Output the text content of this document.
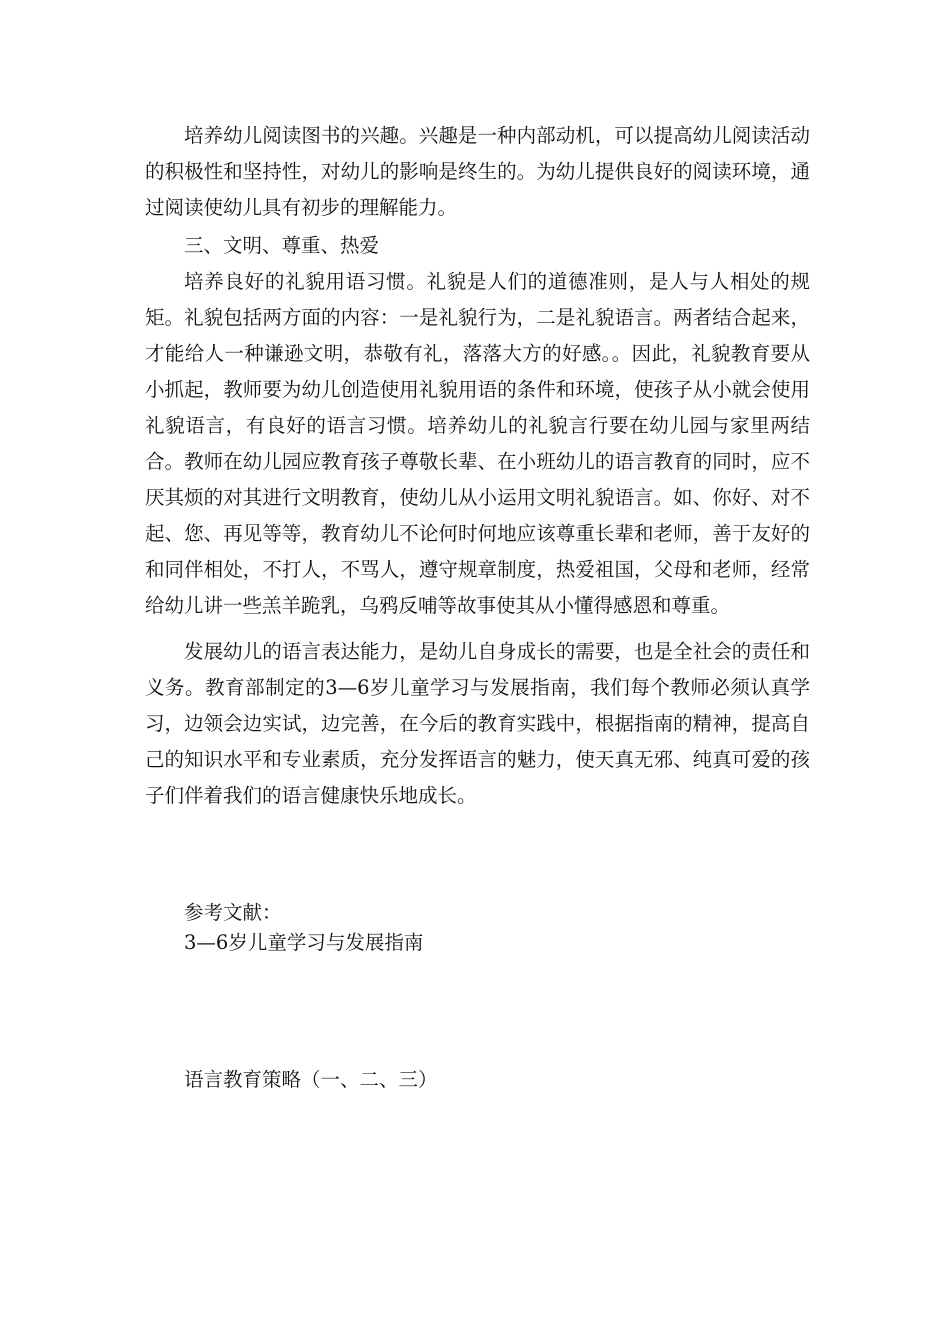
培养幼儿阅读图书的兴趣。兴趣是一种内部动机，可以提高幼儿阅读活动的积极性和坚持性，对幼儿的影响是终生的。为幼儿提供良好的阅读环境，通过阅读使幼儿具有初步的理解能力。

三、文明、尊重、热爱

培养良好的礼貌用语习惯。礼貌是人们的道德准则，是人与人相处的规矩。礼貌包括两方面的内容：一是礼貌行为，二是礼貌语言。两者结合起来，才能给人一种谦逊文明，恭敬有礼，落落大方的好感。。因此，礼貌教育要从小抓起，教师要为幼儿创造使用礼貌用语的条件和环境，使孩子从小就会使用礼貌语言，有良好的语言习惯。培养幼儿的礼貌言行要在幼儿园与家里两结合。教师在幼儿园应教育孩子尊敬长辈、在小班幼儿的语言教育的同时，应不厌其烦的对其进行文明教育，使幼儿从小运用文明礼貌语言。如、你好、对不起、您、再见等等，教育幼儿不论何时何地应该尊重长辈和老师，善于友好的和同伴相处，不打人，不骂人，遵守规章制度，热爱祖国，父母和老师，经常给幼儿讲一些羔羊跪乳，乌鸦反哺等故事使其从小懂得感恩和尊重。

发展幼儿的语言表达能力，是幼儿自身成长的需要，也是全社会的责任和义务。教育部制定的3—6岁儿童学习与发展指南，我们每个教师必须认真学习，边领会边实试，边完善，在今后的教育实践中，根据指南的精神，提高自己的知识水平和专业素质，充分发挥语言的魅力，使天真无邪、纯真可爱的孩子们伴着我们的语言健康快乐地成长。

参考文献：

3—6岁儿童学习与发展指南

语言教育策略（一、二、三）
